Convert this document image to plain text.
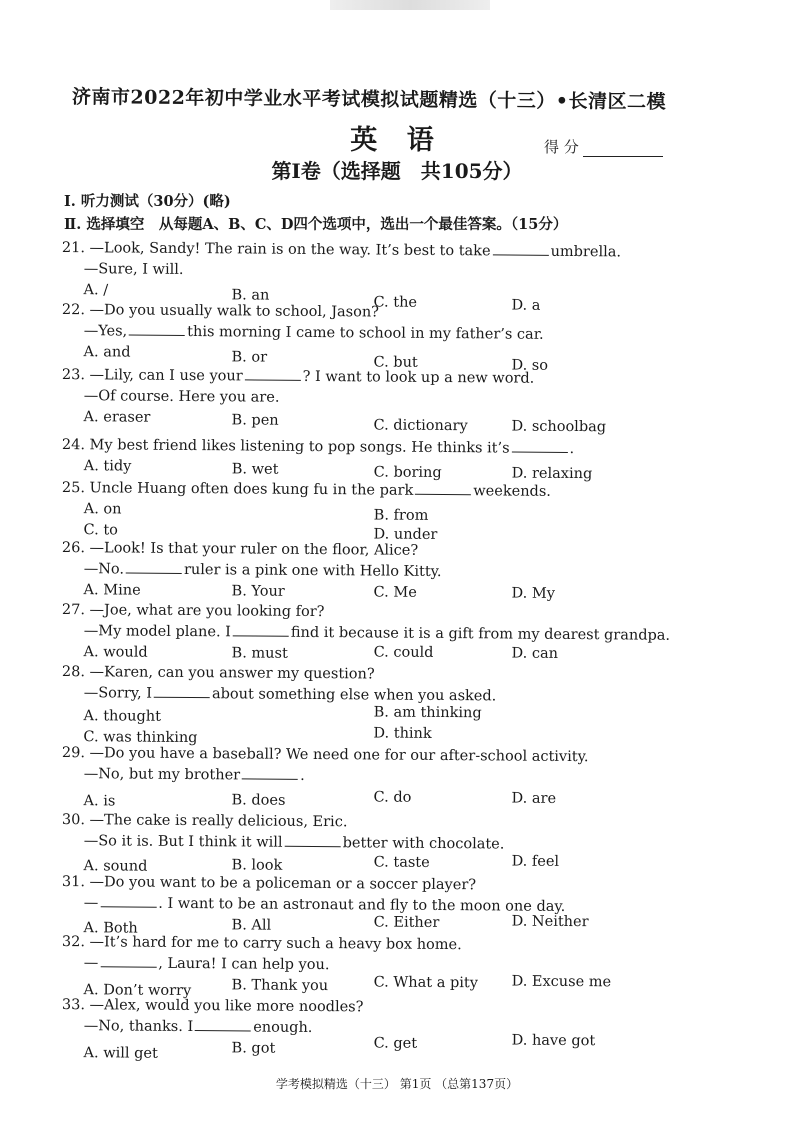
济南市2022年初中学业水平考试模拟试题精选（十三）•长清区二模
英 语	得 分
第Ⅰ卷（选择题　共105分）
Ⅰ. 听力测试（30分）(略)
Ⅱ. 选择填空　从每题A、B、C、D四个选项中，选出一个最佳答案。（15分）
21. —Look, Sandy! The rain is on the way. It’s best to take	umbrella.
—Sure, I will.
A. /	B. an	C. the	D. a
22. —Do you usually walk to school, Jason?
—Yes,	this morning I came to school in my father’s car.
A. and	B. or	C. but	D. so
23. —Lily, can I use your	? I want to look up a new word.
—Of course. Here you are.
A. eraser	B. pen	C. dictionary	D. schoolbag
24. My best friend likes listening to pop songs. He thinks it’s	.
A. tidy	B. wet	C. boring	D. relaxing
25. Uncle Huang often does kung fu in the park	weekends.
A. on	B. from
C. to	D. under
26. —Look! Is that your ruler on the floor, Alice?
—No.	ruler is a pink one with Hello Kitty.
A. Mine	B. Your	C. Me	D. My
27. —Joe, what are you looking for?
—My model plane. I	find it because it is a gift from my dearest grandpa.
A. would	B. must	C. could	D. can
28. —Karen, can you answer my question?
—Sorry, I	about something else when you asked.
A. thought	B. am thinking
C. was thinking	D. think
29. —Do you have a baseball? We need one for our after-school activity.
—No, but my brother	.
A. is	B. does	C. do	D. are
30. —The cake is really delicious, Eric.
—So it is. But I think it will	better with chocolate.
A. sound	B. look	C. taste	D. feel
31. —Do you want to be a policeman or a soccer player?
—	. I want to be an astronaut and fly to the moon one day.
A. Both	B. All	C. Either	D. Neither
32. —It’s hard for me to carry such a heavy box home.
—	, Laura! I can help you.
A. Don’t worry	B. Thank you	C. What a pity D. Excuse me
33. —Alex, would you like more noodles?
—No, thanks. I	enough.
A. will get	B. got	C. get	D. have got
学考模拟精选（十三） 第1页 （总第137页）
